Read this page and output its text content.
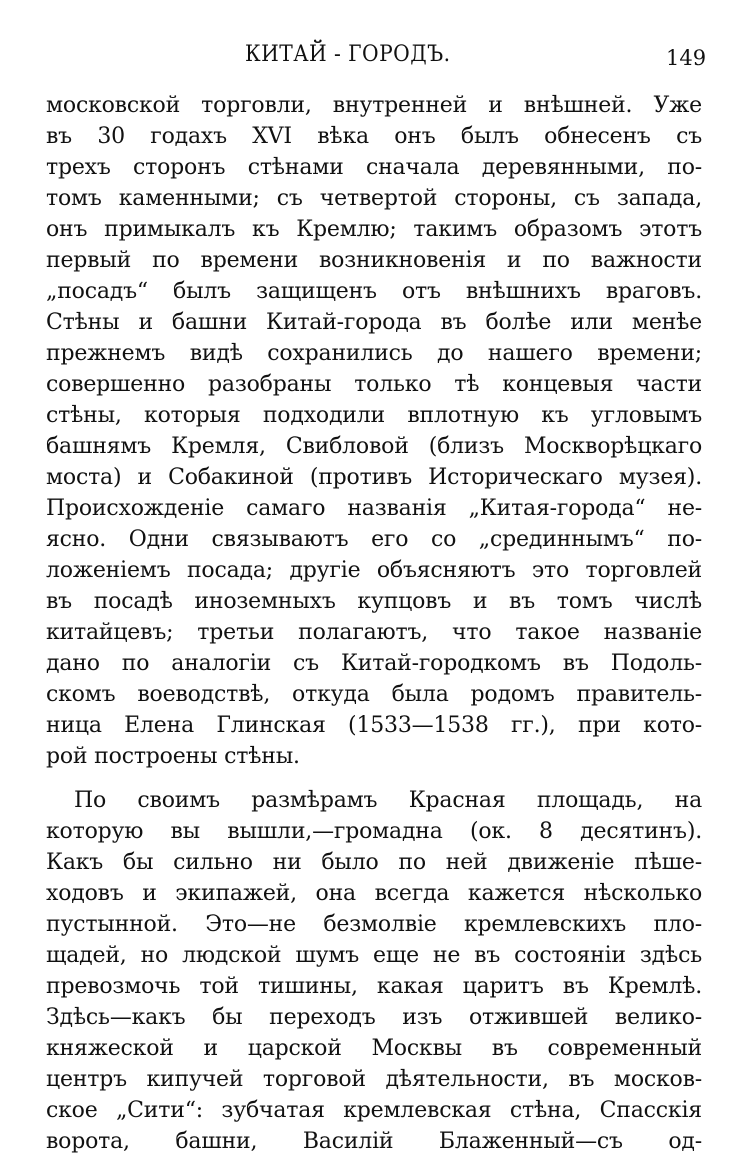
КИТАЙ - ГОРОДЪ.	149
московской торговли, внутренней и внѣшней. Уже
въ 30 годахъ XVI вѣка онъ былъ обнесенъ съ
трехъ сторонъ стѣнами сначала деревянными, по-
томъ каменными; съ четвертой стороны, съ запада,
онъ примыкалъ къ Кремлю; такимъ образомъ этотъ
первый по времени возникновенія и по важности
„посадъ“ былъ защищенъ отъ внѣшнихъ враговъ.
Стѣны и башни Китай-города въ болѣе или менѣе
прежнемъ видѣ сохранились до нашего времени;
совершенно разобраны только тѣ концевыя части
стѣны, которыя подходили вплотную къ угловымъ
башнямъ Кремля, Свибловой (близъ Москворѣцкаго
моста) и Собакиной (противъ Историческаго музея).
Происхожденіе самаго названія „Китая-города“ не-
ясно. Одни связываютъ его со „срединнымъ“ по-
ложеніемъ посада; другіе объясняютъ это торговлей
въ посадѣ иноземныхъ купцовъ и въ томъ числѣ
китайцевъ; третьи полагаютъ, что такое названіе
дано по аналогіи съ Китай-городкомъ въ Подоль-
скомъ воеводствѣ, откуда была родомъ правитель-
ница Елена Глинская (1533—1538 гг.), при кото-
рой построены стѣны.
По своимъ размѣрамъ Красная площадь, на
которую вы вышли,—громадна (ок. 8 десятинъ).
Какъ бы сильно ни было по ней движеніе пѣше-
ходовъ и экипажей, она всегда кажется нѣсколько
пустынной. Это—не безмолвіе кремлевскихъ пло-
щадей, но людской шумъ еще не въ состояніи здѣсь
превозмочь той тишины, какая царитъ въ Кремлѣ.
Здѣсь—какъ бы переходъ изъ отжившей велико-
княжеской и царской Москвы въ современный
центръ кипучей торговой дѣятельности, въ москов-
ское „Сити“: зубчатая кремлевская стѣна, Спасскія
ворота, башни, Василій Блаженный—съ од-
